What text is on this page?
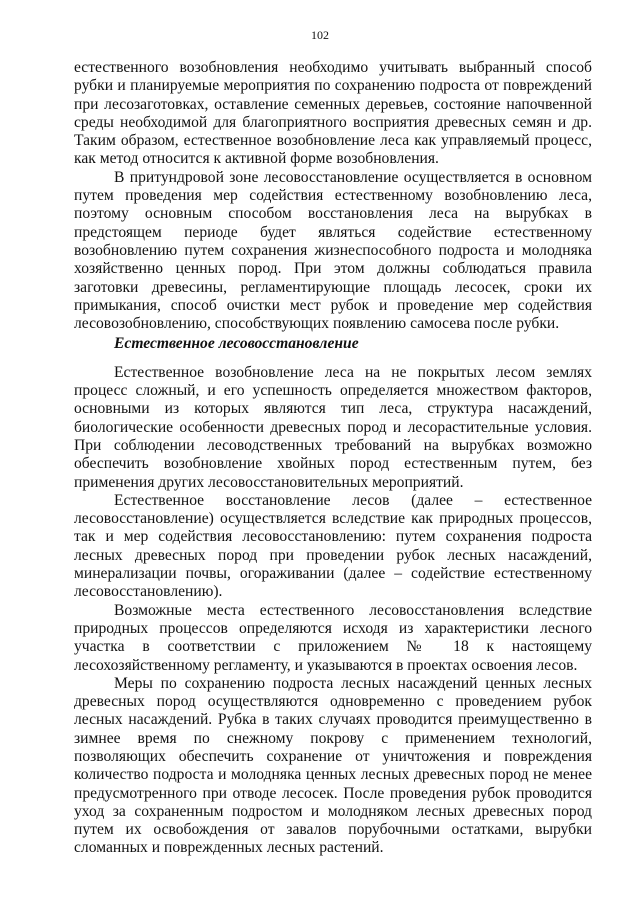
102

естественного возобновления необходимо учитывать выбранный способ рубки и планируемые мероприятия по сохранению подроста от повреждений при лесозаготовках, оставление семенных деревьев, состояние напочвенной среды необходимой для благоприятного восприятия древесных семян и др. Таким образом, естественное возобновление леса как управляемый процесс, как метод относится к активной форме возобновления.

В притундровой зоне лесовосстановление осуществляется в основном путем проведения мер содействия естественному возобновлению леса, поэтому основным способом восстановления леса на вырубках в предстоящем периоде будет являться содействие естественному возобновлению путем сохранения жизнеспособного подроста и молодняка хозяйственно ценных пород. При этом должны соблюдаться правила заготовки древесины, регламентирующие площадь лесосек, сроки их примыкания, способ очистки мест рубок и проведение мер содействия лесовозобновлению, способствующих появлению самосева после рубки.

Естественное лесовосстановление

Естественное возобновление леса на не покрытых лесом землях процесс сложный, и его успешность определяется множеством факторов, основными из которых являются тип леса, структура насаждений, биологические особенности древесных пород и лесорастительные условия. При соблюдении лесоводственных требований на вырубках возможно обеспечить возобновление хвойных пород естественным путем, без применения других лесовосстановительных мероприятий.

Естественное восстановление лесов (далее – естественное лесовосстановление) осуществляется вследствие как природных процессов, так и мер содействия лесовосстановлению: путем сохранения подроста лесных древесных пород при проведении рубок лесных насаждений, минерализации почвы, огораживании (далее – содействие естественному лесовосстановлению).

Возможные места естественного лесовосстановления вследствие природных процессов определяются исходя из характеристики лесного участка в соответствии с приложением № 18 к настоящему лесохозяйственному регламенту, и указываются в проектах освоения лесов.

Меры по сохранению подроста лесных насаждений ценных лесных древесных пород осуществляются одновременно с проведением рубок лесных насаждений. Рубка в таких случаях проводится преимущественно в зимнее время по снежному покрову с применением технологий, позволяющих обеспечить сохранение от уничтожения и повреждения количество подроста и молодняка ценных лесных древесных пород не менее предусмотренного при отводе лесосек. После проведения рубок проводится уход за сохраненным подростом и молодняком лесных древесных пород путем их освобождения от завалов порубочными остатками, вырубки сломанных и поврежденных лесных растений.
